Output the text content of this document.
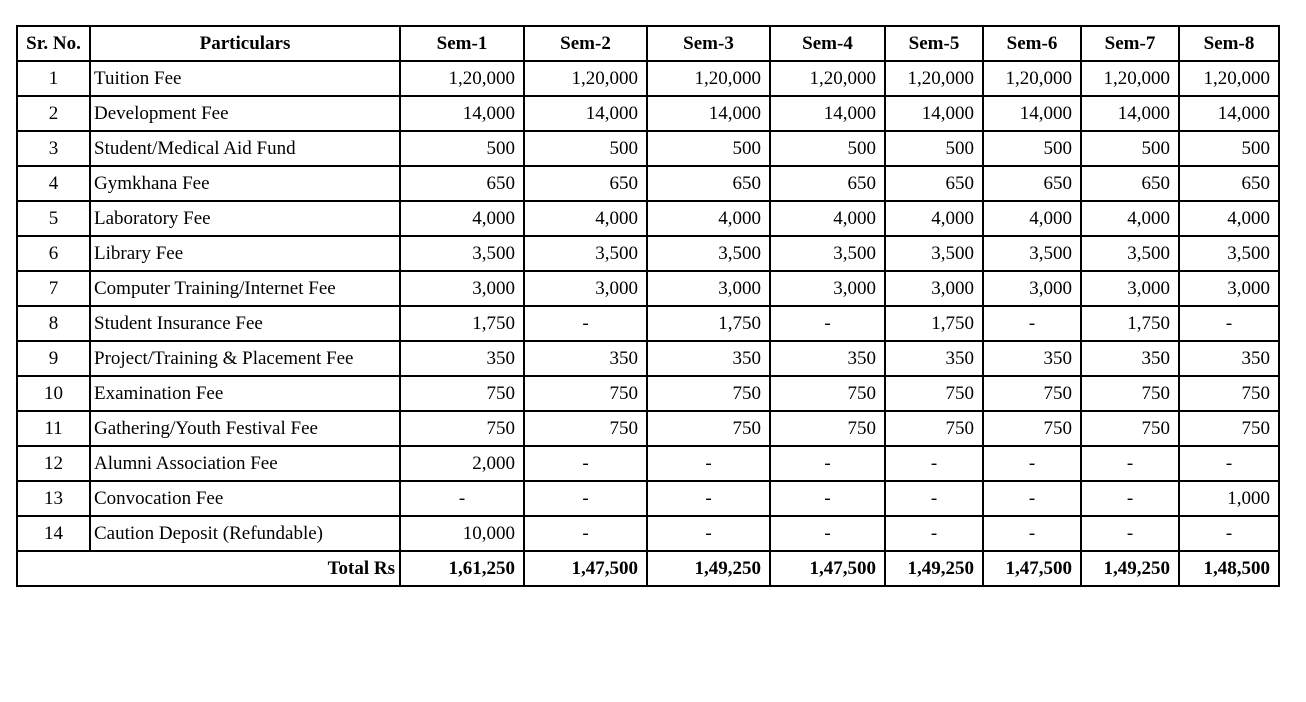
Sr. No.	Particulars	Sem-1	Sem-2	Sem-3	Sem-4	Sem-5	Sem-6	Sem-7	Sem-8
1	Tuition Fee	1,20,000	1,20,000	1,20,000	1,20,000	1,20,000	1,20,000	1,20,000	1,20,000
2	Development Fee	14,000	14,000	14,000	14,000	14,000	14,000	14,000	14,000
3	Student/Medical Aid Fund	500	500	500	500	500	500	500	500
4	Gymkhana Fee	650	650	650	650	650	650	650	650
5	Laboratory Fee	4,000	4,000	4,000	4,000	4,000	4,000	4,000	4,000
6	Library Fee	3,500	3,500	3,500	3,500	3,500	3,500	3,500	3,500
7	Computer Training/Internet Fee	3,000	3,000	3,000	3,000	3,000	3,000	3,000	3,000
8	Student Insurance Fee	1,750	-	1,750	-	1,750	-	1,750	-
9	Project/Training & Placement Fee	350	350	350	350	350	350	350	350
10	Examination Fee	750	750	750	750	750	750	750	750
11	Gathering/Youth Festival Fee	750	750	750	750	750	750	750	750
12	Alumni Association Fee	2,000	-	-	-	-	-	-	-
13	Convocation Fee	-	-	-	-	-	-	-	1,000
14	Caution Deposit (Refundable)	10,000	-	-	-	-	-	-	-
Total Rs		1,61,250	1,47,500	1,49,250	1,47,500	1,49,250	1,47,500	1,49,250	1,48,500
